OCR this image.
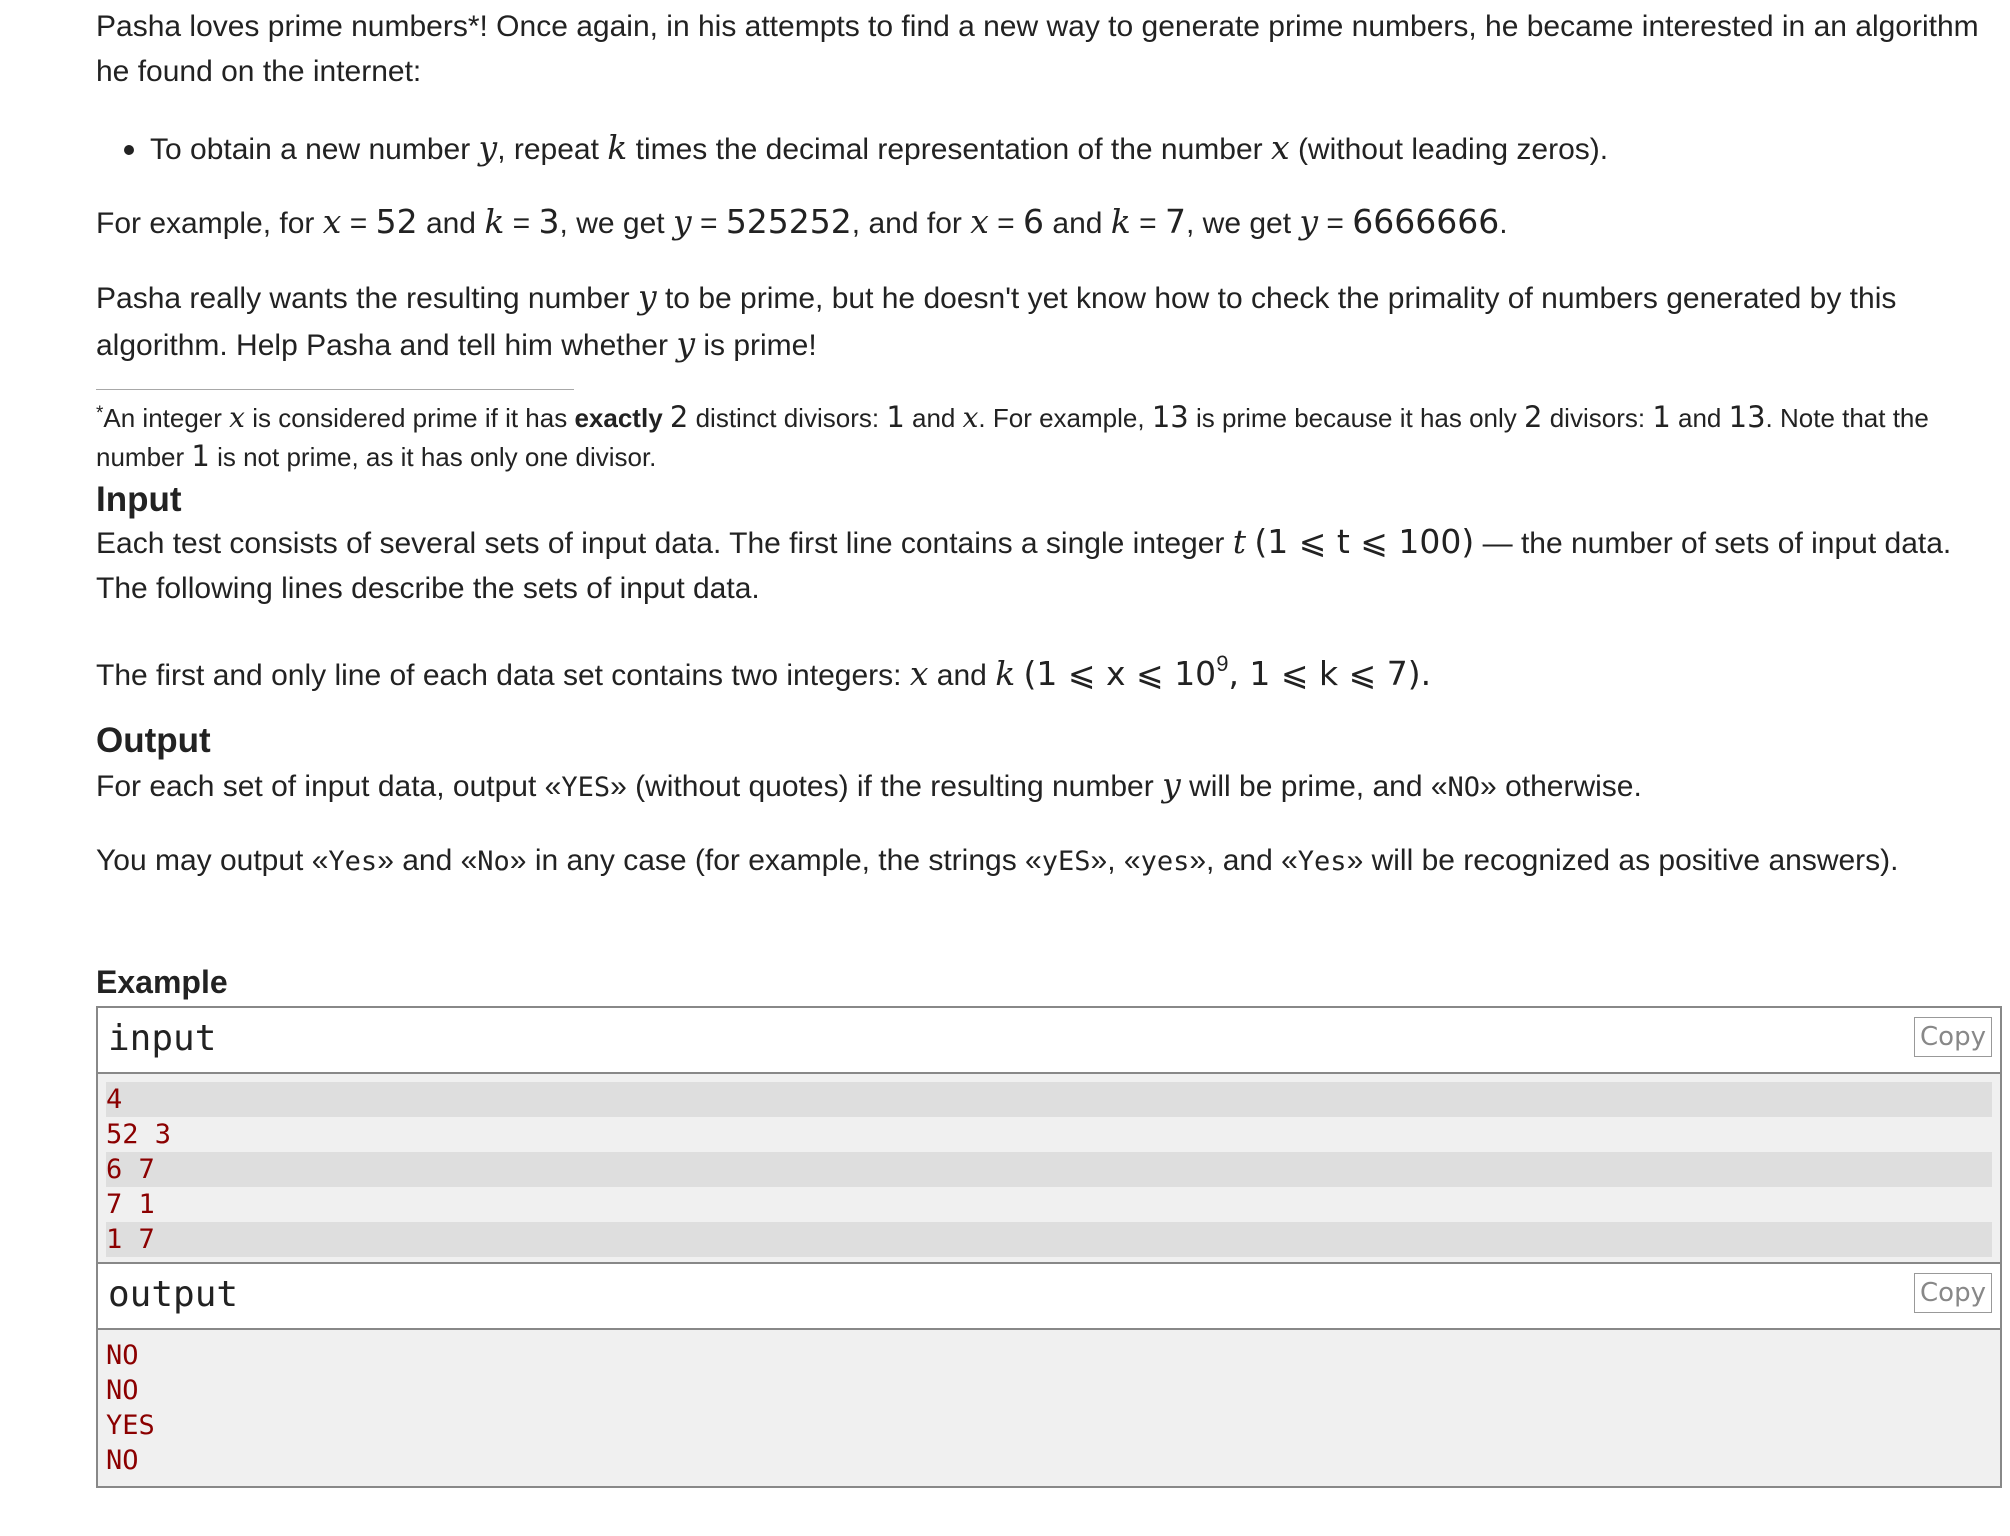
Pasha loves prime numbers*! Once again, in his attempts to find a new way to generate prime numbers, he became interested in an algorithm he found on the internet:

To obtain a new number y, repeat k times the decimal representation of the number x (without leading zeros).
For example, for x = 52 and k = 3, we get y = 525252, and for x = 6 and k = 7, we get y = 6666666.

Pasha really wants the resulting number y to be prime, but he doesn't yet know how to check the primality of numbers generated by this algorithm. Help Pasha and tell him whether y is prime!

*An integer x is considered prime if it has exactly 2 distinct divisors: 1 and x. For example, 13 is prime because it has only 2 divisors: 1 and 13. Note that the number 1 is not prime, as it has only one divisor.
Input

Each test consists of several sets of input data. The first line contains a single integer t (1 ⩽ t ⩽ 100) — the number of sets of input data. The following lines describe the sets of input data.

The first and only line of each data set contains two integers: x and k (1 ⩽ x ⩽ $10^9$, 1 ⩽ k ⩽ 7).
Output
For each set of input data, output «YES» (without quotes) if the resulting number y will be prime, and «NO» otherwise.

You may output «Yes» and «No» in any case (for example, the strings «yES», «yes», and «Yes» will be recognized as positive answers).

Example
input	Copy
4
52 3
6 7
7 1
1 7
output	Copy
NO
NO
YES
NO
